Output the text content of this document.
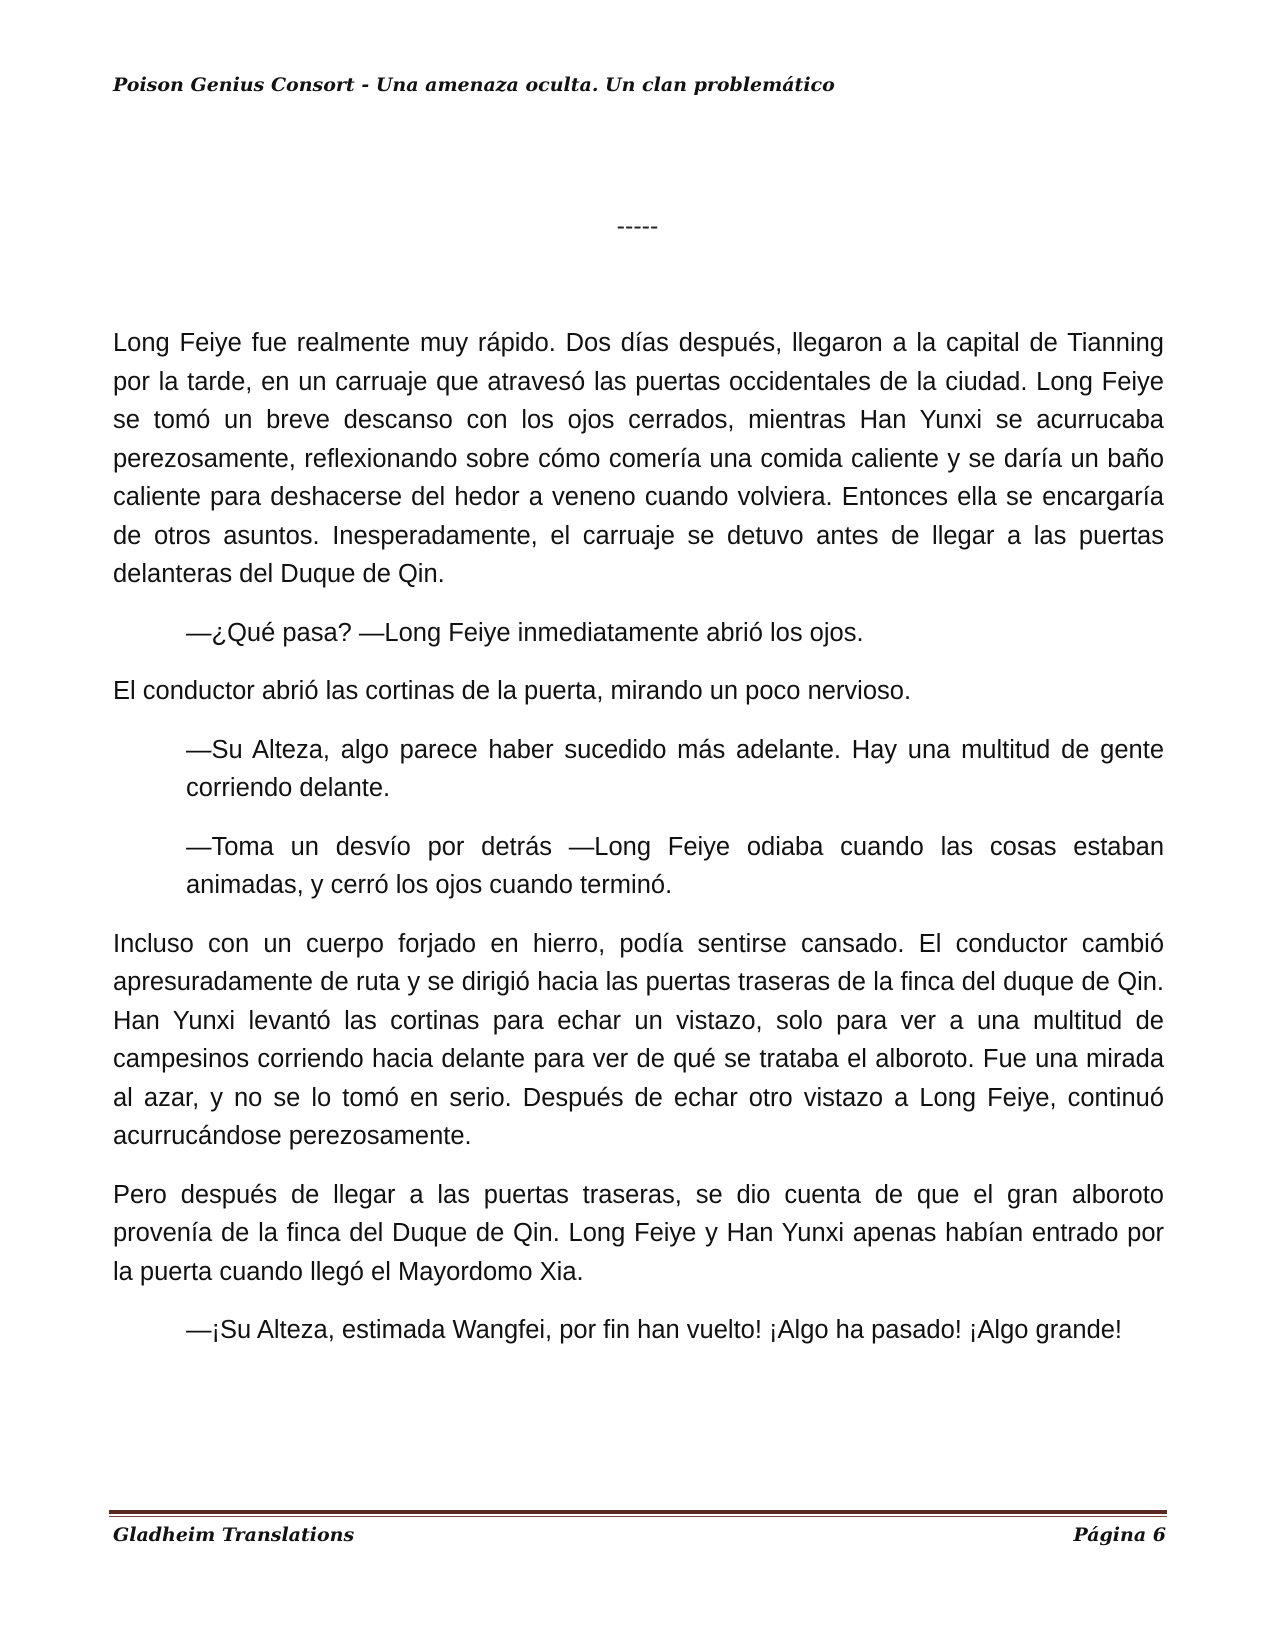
Poison Genius Consort - Una amenaza oculta. Un clan problemático
-----

Long Feiye fue realmente muy rápido. Dos días después, llegaron a la capital de Tianning por la tarde, en un carruaje que atravesó las puertas occidentales de la ciudad. Long Feiye se tomó un breve descanso con los ojos cerrados, mientras Han Yunxi se acurrucaba perezosamente, reflexionando sobre cómo comería una comida caliente y se daría un baño caliente para deshacerse del hedor a veneno cuando volviera. Entonces ella se encargaría de otros asuntos. Inesperadamente, el carruaje se detuvo antes de llegar a las puertas delanteras del Duque de Qin.

—¿Qué pasa? —Long Feiye inmediatamente abrió los ojos.

El conductor abrió las cortinas de la puerta, mirando un poco nervioso.

—Su Alteza, algo parece haber sucedido más adelante. Hay una multitud de gente corriendo delante.

—Toma un desvío por detrás —Long Feiye odiaba cuando las cosas estaban animadas, y cerró los ojos cuando terminó.

Incluso con un cuerpo forjado en hierro, podía sentirse cansado. El conductor cambió apresuradamente de ruta y se dirigió hacia las puertas traseras de la finca del duque de Qin. Han Yunxi levantó las cortinas para echar un vistazo, solo para ver a una multitud de campesinos corriendo hacia delante para ver de qué se trataba el alboroto. Fue una mirada al azar, y no se lo tomó en serio. Después de echar otro vistazo a Long Feiye, continuó acurrucándose perezosamente.

Pero después de llegar a las puertas traseras, se dio cuenta de que el gran alboroto provenía de la finca del Duque de Qin. Long Feiye y Han Yunxi apenas habían entrado por la puerta cuando llegó el Mayordomo Xia.

—¡Su Alteza, estimada Wangfei, por fin han vuelto! ¡Algo ha pasado! ¡Algo grande!

Gladheim Translations	Página 6
